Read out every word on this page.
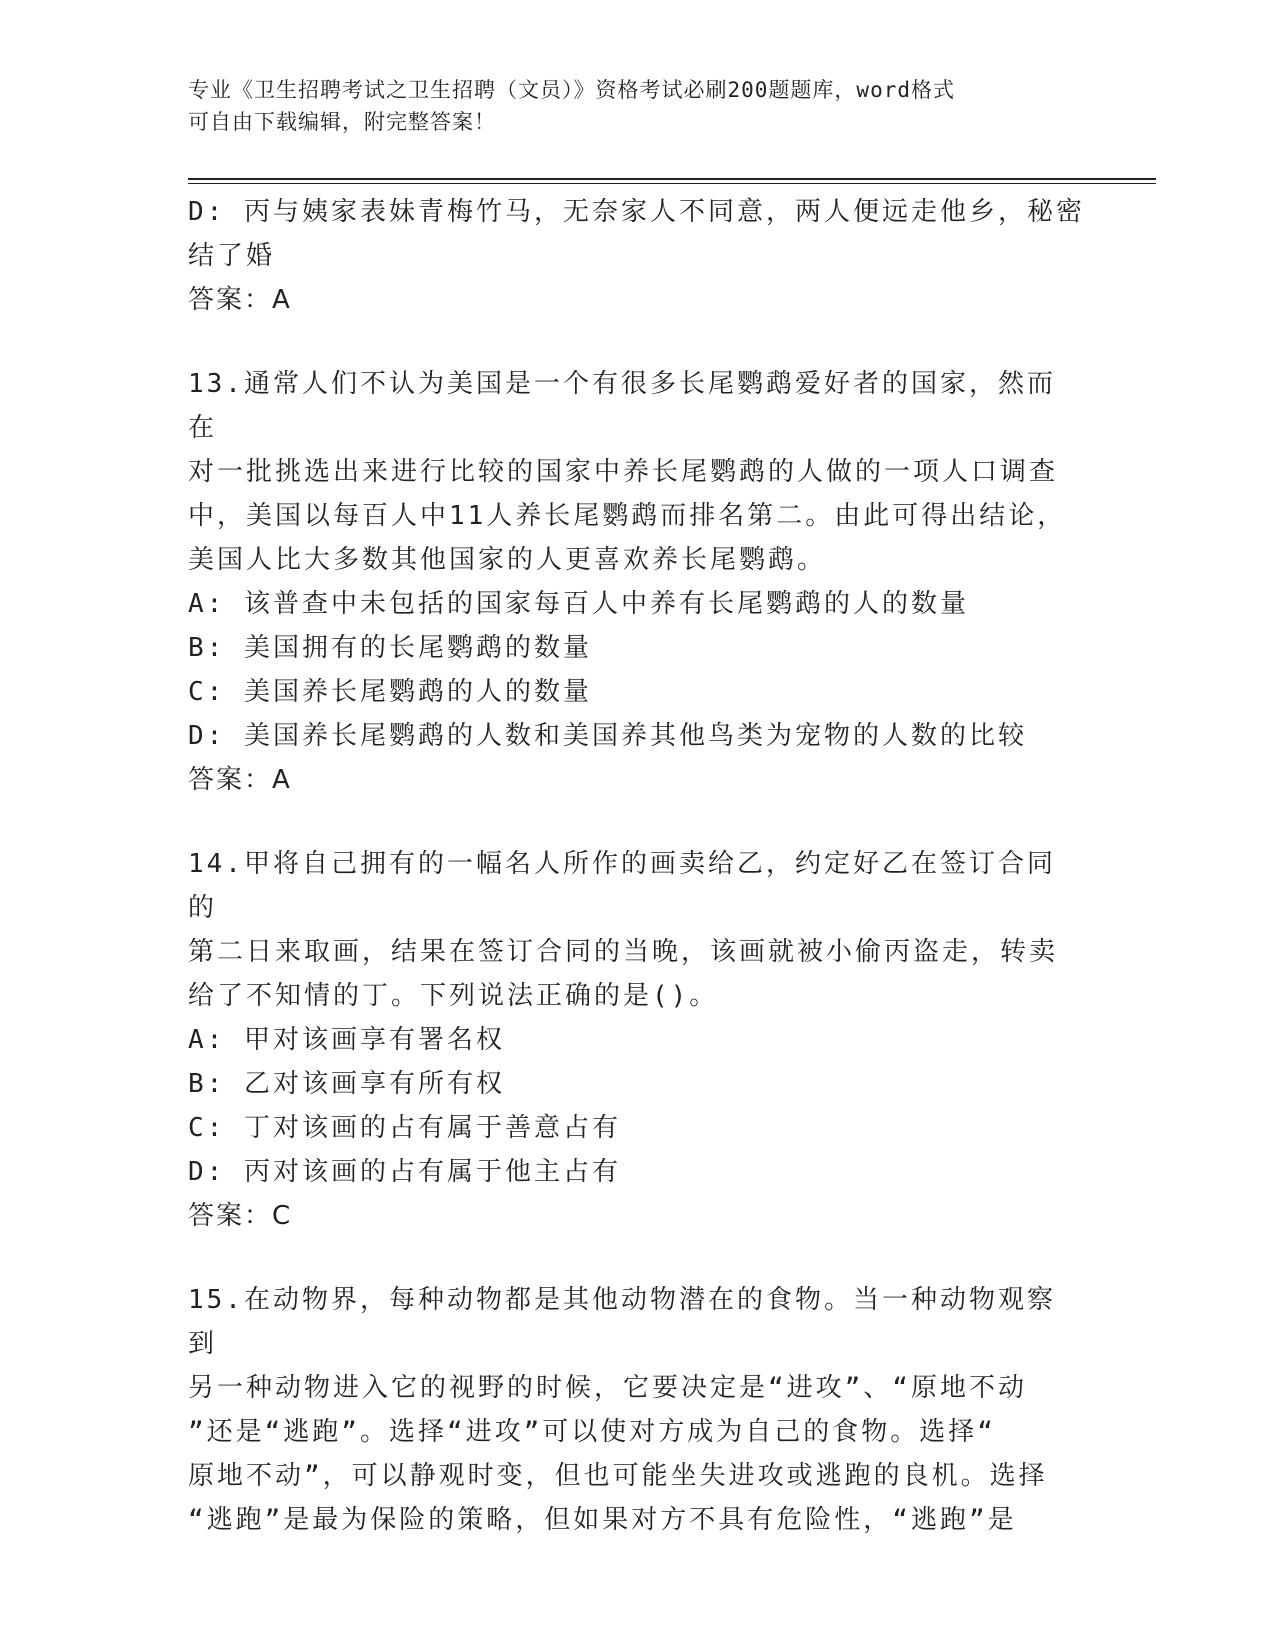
专业《卫生招聘考试之卫生招聘（文员）》资格考试必刷200题题库，word格式
可自由下载编辑，附完整答案！
D: 丙与姨家表妹青梅竹马，无奈家人不同意，两人便远走他乡，秘密
结了婚
答案：A
13.通常人们不认为美国是一个有很多长尾鹦鹉爱好者的国家，然而在
对一批挑选出来进行比较的国家中养长尾鹦鹉的人做的一项人口调查
中，美国以每百人中11人养长尾鹦鹉而排名第二。由此可得出结论，
美国人比大多数其他国家的人更喜欢养长尾鹦鹉。
A: 该普查中未包括的国家每百人中养有长尾鹦鹉的人的数量
B: 美国拥有的长尾鹦鹉的数量
C: 美国养长尾鹦鹉的人的数量
D: 美国养长尾鹦鹉的人数和美国养其他鸟类为宠物的人数的比较
答案：A
14.甲将自己拥有的一幅名人所作的画卖给乙，约定好乙在签订合同的
第二日来取画，结果在签订合同的当晚，该画就被小偷丙盗走，转卖
给了不知情的丁。下列说法正确的是()。
A: 甲对该画享有署名权
B: 乙对该画享有所有权
C: 丁对该画的占有属于善意占有
D: 丙对该画的占有属于他主占有
答案：C
15.在动物界，每种动物都是其他动物潜在的食物。当一种动物观察到
另一种动物进入它的视野的时候，它要决定是“进攻”、“原地不动
”还是“逃跑”。选择“进攻”可以使对方成为自己的食物。选择“
原地不动”，可以静观时变，但也可能坐失进攻或逃跑的良机。选择
“逃跑”是最为保险的策略，但如果对方不具有危险性，“逃跑”是
